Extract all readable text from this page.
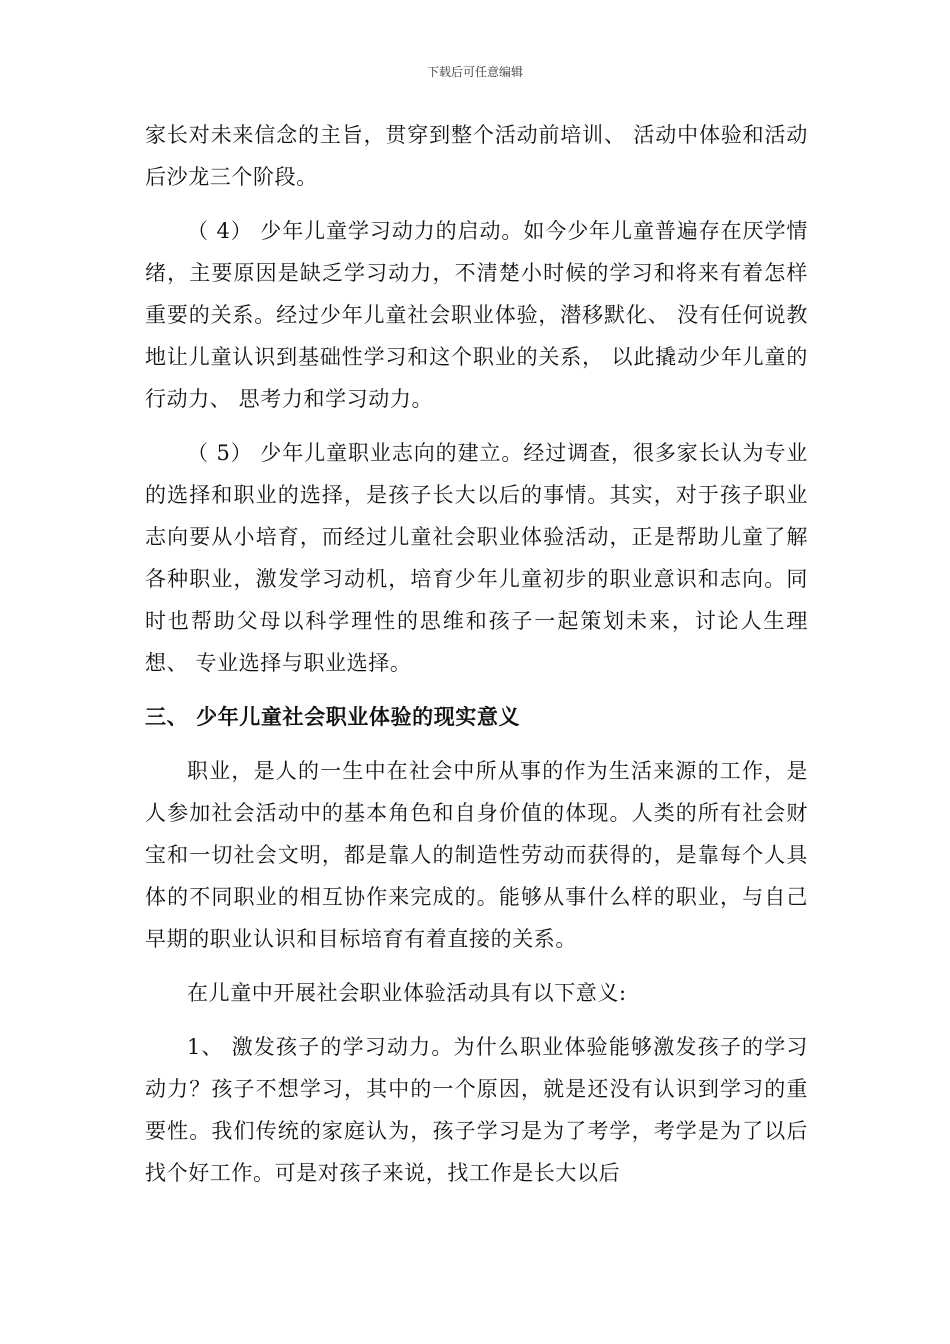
下载后可任意编辑

家长对未来信念的主旨，贯穿到整个活动前培训、 活动中体验和活动后沙龙三个阶段。

（ 4） 少年儿童学习动力的启动。如今少年儿童普遍存在厌学情绪，主要原因是缺乏学习动力，不清楚小时候的学习和将来有着怎样重要的关系。经过少年儿童社会职业体验，潜移默化、 没有任何说教地让儿童认识到基础性学习和这个职业的关系， 以此撬动少年儿童的行动力、 思考力和学习动力。

（ 5） 少年儿童职业志向的建立。经过调查，很多家长认为专业的选择和职业的选择，是孩子长大以后的事情。其实，对于孩子职业志向要从小培育，而经过儿童社会职业体验活动，正是帮助儿童了解各种职业，激发学习动机，培育少年儿童初步的职业意识和志向。同时也帮助父母以科学理性的思维和孩子一起策划未来，讨论人生理想、 专业选择与职业选择。

三、 少年儿童社会职业体验的现实意义

职业，是人的一生中在社会中所从事的作为生活来源的工作，是人参加社会活动中的基本角色和自身价值的体现。人类的所有社会财宝和一切社会文明，都是靠人的制造性劳动而获得的，是靠每个人具体的不同职业的相互协作来完成的。能够从事什么样的职业，与自己早期的职业认识和目标培育有着直接的关系。

在儿童中开展社会职业体验活动具有以下意义:

1、 激发孩子的学习动力。为什么职业体验能够激发孩子的学习动力？孩子不想学习，其中的一个原因，就是还没有认识到学习的重要性。我们传统的家庭认为，孩子学习是为了考学，考学是为了以后找个好工作。可是对孩子来说，找工作是长大以后
